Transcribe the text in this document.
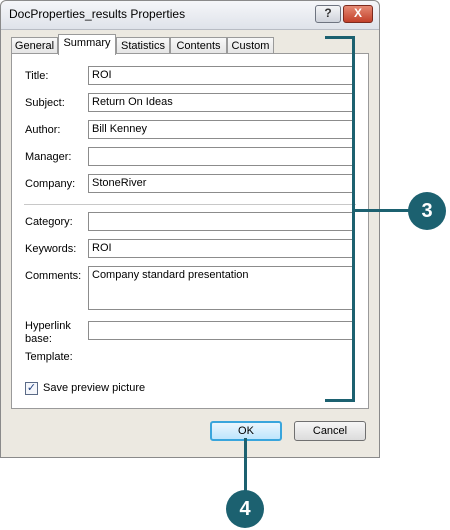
DocProperties_results Properties	?	X
General Summary Statistics	Contents	Custom
Title:	ROI
Subject:	Return On Ideas
Author:	Bill Kenney
Manager:
Company:	StoneRiver
Category:
Keywords:	ROI
Comments: Company standard presentation
Hyperlink
base:
Template:
✓ Save preview picture
OK	Cancel
3
4
